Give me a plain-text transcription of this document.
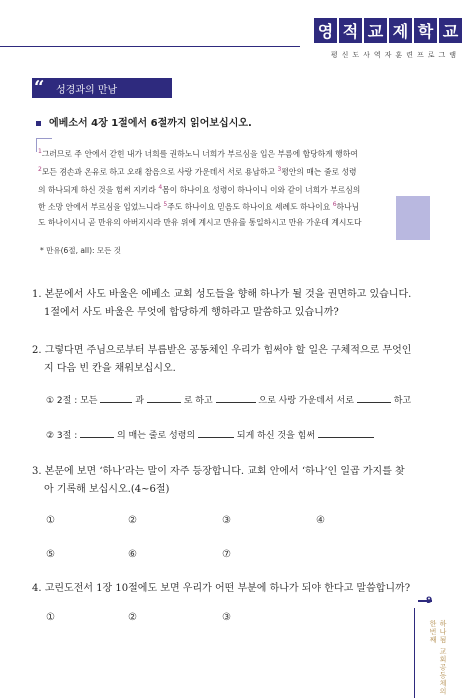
영 적 교 제 학 교
평신도사역자훈련프로그램
“	성경과의 만남
에베소서 4장 1절에서 6절까지 읽어보십시오.
$^1$그러므로 주 안에서 갇힌 내가 너희를 권하노니 너희가 부르심을 입은 부름에 합당하게 행하여
$^2$모든 겸손과 온유로 하고 오래 참음으로 사랑 가운데서 서로 용납하고 $^3$평안의 매는 줄로 성령
의 하나되게 하신 것을 힘써 지키라 $^4$몸이 하나이요 성령이 하나이니 이와 같이 너희가 부르심의
한 소망 안에서 부르심을 입었느니라 $^5$주도 하나이요 믿음도 하나이요 세례도 하나이요 $^6$하나님
도 하나이시니 곧 만유의 아버지시라 만유 위에 계시고 만유를 통일하시고 만유 가운데 계시도다
* 만유(6절, all): 모든 것
1. 본문에서 사도 바울은 에베소 교회 성도들을 향해 하나가 될 것을 권면하고 있습니다.
1절에서 사도 바울은 무엇에 합당하게 행하라고 말씀하고 있습니까?
2. 그렇다면 주님으로부터 부름받은 공동체인 우리가 힘써야 할 일은 구체적으로 무엇인
지 다음 빈 칸을 채워보십시오.
① 2절 : 모든	과	로 하고	으로 사랑 가운데서 서로	하고
② 3절 :	의 매는 줄로 성령의	되게 하신 것을 힘써
3. 본문에 보면 ‘하나’라는 말이 자주 등장합니다. 교회 안에서 ‘하나’인 일곱 가지를 찾
아 기록해 보십시오.(4~6절)
①	②	③	④
⑤	⑥	⑦
4. 고린도전서 1장 10절에도 보면 우리가 어떤 부분에 하나가 되야 한다고 말씀합니까?
①	②	③
9
하나됨 교회공동체의 한번째
